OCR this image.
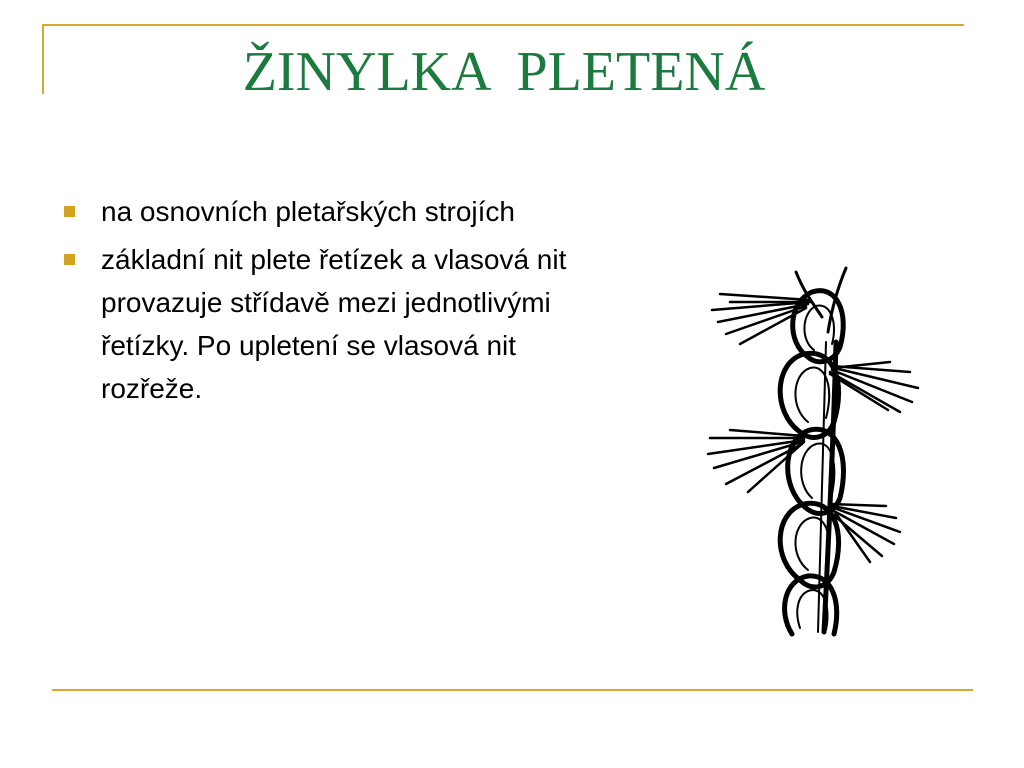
ŽINYLKA  PLETENÁ
na osnovních pletařských strojích
základní nit plete řetízek a vlasová nit provazuje střídavě mezi jednotlivými řetízky. Po upletení se vlasová nit rozřeže.
